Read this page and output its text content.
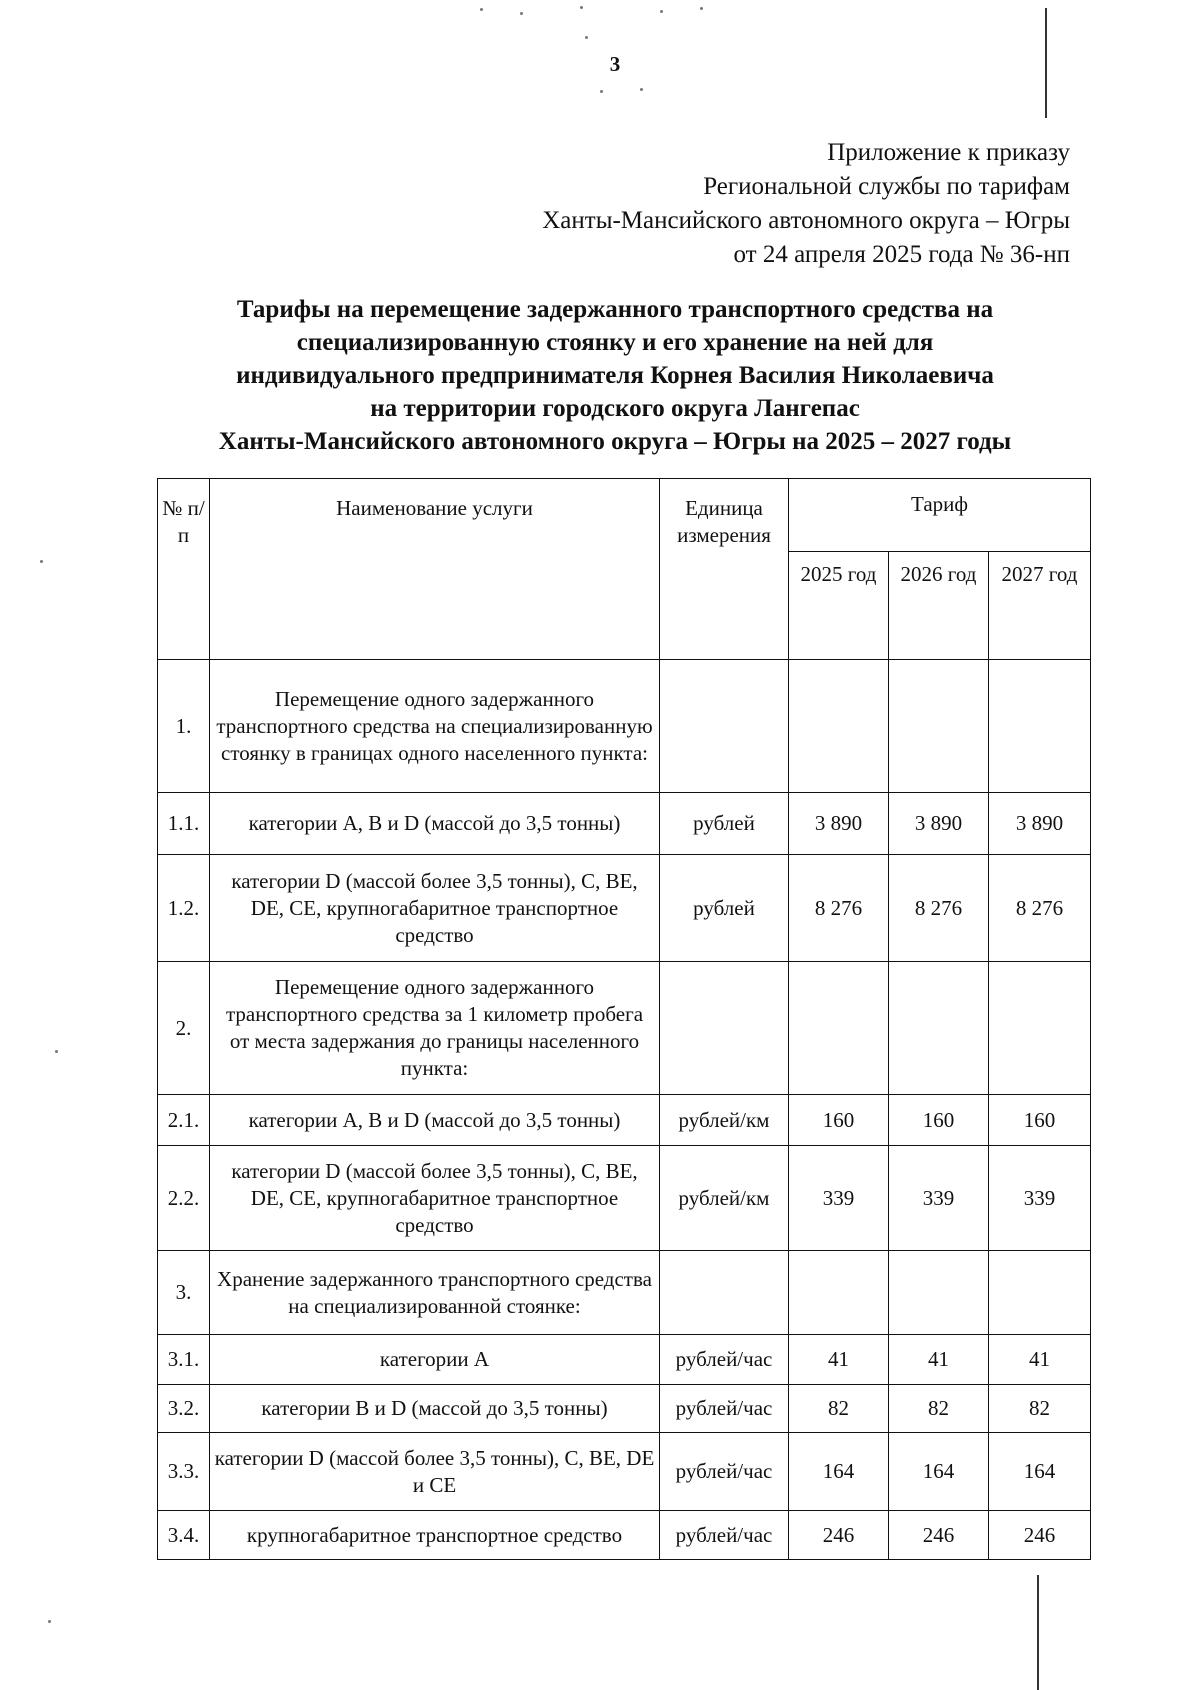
3
Приложение к приказу
Региональной службы по тарифам
Ханты-Мансийского автономного округа – Югры
от 24 апреля 2025 года № 36-нп
Тарифы на перемещение задержанного транспортного средства на
специализированную стоянку и его хранение на ней для
индивидуального предпринимателя Корнея Василия Николаевича
на территории городского округа Лангепас
Ханты-Мансийского автономного округа – Югры на 2025 – 2027 годы
№ п/п	Наименование услуги	Единица измерения	Тариф		
			2025 год	2026 год	2027 год
1.	Перемещение одного задержанного транспортного средства на специализированную стоянку в границах одного населенного пункта:				
1.1.	категории A, B и D (массой до 3,5 тонны)	рублей	3 890	3 890	3 890
1.2.	категории D (массой более 3,5 тонны), C, BE, DE, CE, крупногабаритное транспортное средство	рублей	8 276	8 276	8 276
2.	Перемещение одного задержанного транспортного средства за 1 километр пробега от места задержания до границы населенного пункта:				
2.1.	категории A, B и D (массой до 3,5 тонны)	рублей/км	160	160	160
2.2.	категории D (массой более 3,5 тонны), C, BE, DE, CE, крупногабаритное транспортное средство	рублей/км	339	339	339
3.	Хранение задержанного транспортного средства на специализированной стоянке:				
3.1.	категории A	рублей/час	41	41	41
3.2.	категории B и D (массой до 3,5 тонны)	рублей/час	82	82	82
3.3.	категории D (массой более 3,5 тонны), C, BE, DE и CE	рублей/час	164	164	164
3.4.	крупногабаритное транспортное средство	рублей/час	246	246	246
